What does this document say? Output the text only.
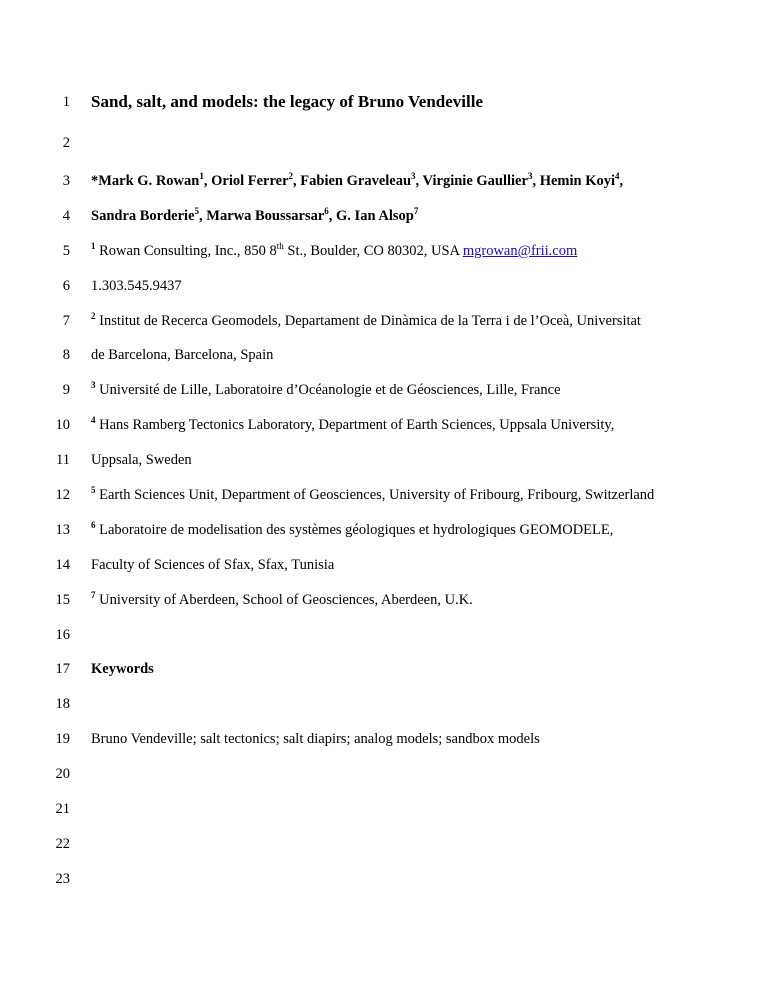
1 Sand, salt, and models: the legacy of Bruno Vendeville
2
3 *Mark G. Rowan$^1$, Oriol Ferrer$^2$, Fabien Graveleau$^3$, Virginie Gaullier$^3$, Hemin Koyi$^4$,
4 Sandra Borderie$^5$, Marwa Boussarsar$^6$, G. Ian Alsop$^7$
5 $^1$ Rowan Consulting, Inc., 850 8th St., Boulder, CO 80302, USA mgrowan@frii.com
6 1.303.545.9437
7 $^2$ Institut de Recerca Geomodels, Departament de Dinàmica de la Terra i de l’Oceà, Universitat
8 de Barcelona, Barcelona, Spain
9 $^3$ Université de Lille, Laboratoire d’Océanologie et de Géosciences, Lille, France
10 $^4$ Hans Ramberg Tectonics Laboratory, Department of Earth Sciences, Uppsala University,
11 Uppsala, Sweden
12 $^5$ Earth Sciences Unit, Department of Geosciences, University of Fribourg, Fribourg, Switzerland
13 $^6$ Laboratoire de modelisation des systèmes géologiques et hydrologiques GEOMODELE,
14 Faculty of Sciences of Sfax, Sfax, Tunisia
15 $^7$ University of Aberdeen, School of Geosciences, Aberdeen, U.K.
16
17 Keywords
18
19 Bruno Vendeville; salt tectonics; salt diapirs; analog models; sandbox models
20
21
22
23
